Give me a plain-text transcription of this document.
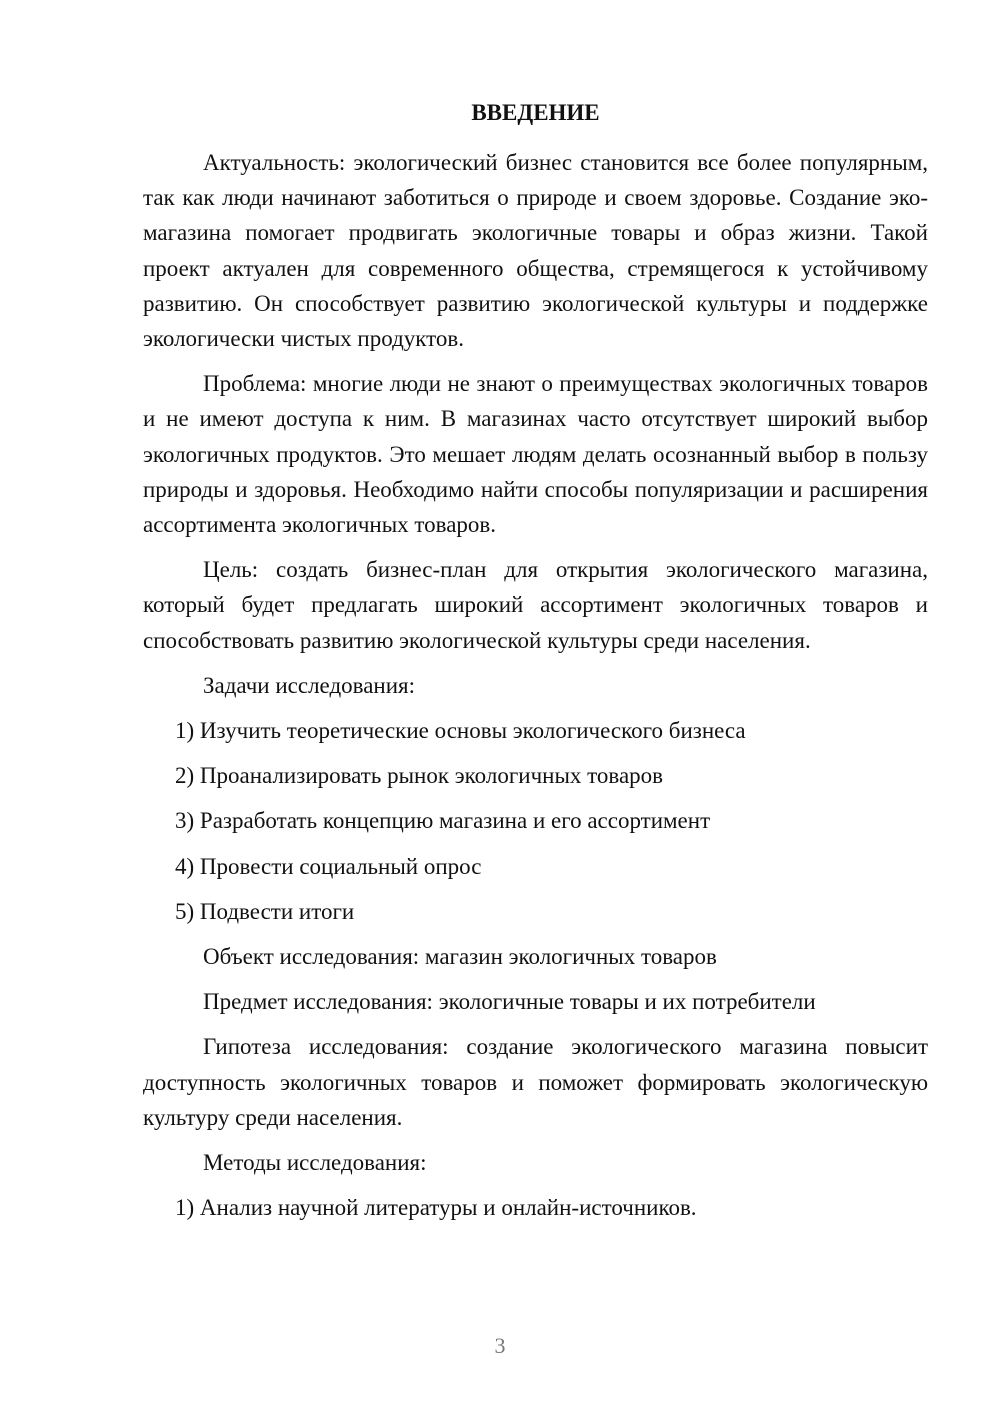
ВВЕДЕНИЕ

Актуальность: экологический бизнес становится все более популярным, так как люди начинают заботиться о природе и своем здоровье. Создание эко-магазина помогает продвигать экологичные товары и образ жизни. Такой проект актуален для современного общества, стремящегося к устойчивому развитию. Он способствует развитию экологической культуры и поддержке экологически чистых продуктов.

Проблема: многие люди не знают о преимуществах экологичных товаров и не имеют доступа к ним. В магазинах часто отсутствует широкий выбор экологичных продуктов. Это мешает людям делать осознанный выбор в пользу природы и здоровья. Необходимо найти способы популяризации и расширения ассортимента экологичных товаров.

Цель: создать бизнес-план для открытия экологического магазина, который будет предлагать широкий ассортимент экологичных товаров и способствовать развитию экологической культуры среди населения.

Задачи исследования:
1) Изучить теоретические основы экологического бизнеса
2) Проанализировать рынок экологичных товаров
3) Разработать концепцию магазина и его ассортимент
4) Провести социальный опрос
5) Подвести итоги
Объект исследования: магазин экологичных товаров
Предмет исследования: экологичные товары и их потребители

Гипотеза исследования: создание экологического магазина повысит доступность экологичных товаров и поможет формировать экологическую культуру среди населения.

Методы исследования:
1) Анализ научной литературы и онлайн-источников.
3
